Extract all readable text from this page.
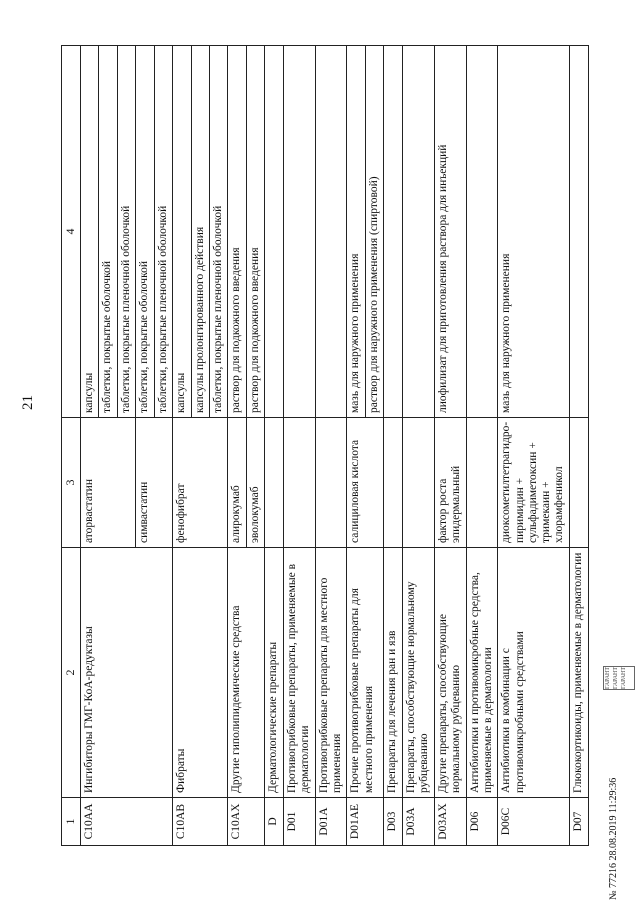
21
1	2	3	4
C10AA	Ингибиторы ГМГ-КоА-редуктазы	аторвастатин	капсулы
			таблетки, покрытые оболочкой
			таблетки, покрытые пленочной оболочкой
		симвастатин	таблетки, покрытые оболочкой
			таблетки, покрытые пленочной оболочкой
C10AB	Фибраты	фенофибрат	капсулы
			капсулы пролонгированного действия
			таблетки, покрытые пленочной оболочкой
C10AX	Другие гиполипидемические средства	алирокумаб	раствор для подкожного введения
		эволокумаб	раствор для подкожного введения
D	Дерматологические препараты		
D01	Противогрибковые препараты, применяемые в дерматологии		
D01A	Противогрибковые препараты для местного применения		
D01AE	Прочие противогрибковые препараты для местного применения	салициловая кислота	мазь для наружного применения
			раствор для наружного применения (спиртовой)
D03	Препараты для лечения ран и язв		
D03A	Препараты, способствующие нормальному рубцеванию		
D03AX	Другие препараты, способствующие нормальному рубцеванию	фактор роста эпидермальный	лиофилизат для приготовления раствора для инъекций
D06	Антибиотики и противомикробные средства, применяемые в дерматологии		
D06C	Антибиотики в комбинации с противомикробными средствами	диоксометилтетрагидро-пиримидин + сульфадиметоксин + тримекаин + хлорамфеникол	мазь для наружного применения
D07	Глюкокортикоиды, применяемые в дерматологии			ГАРАНТ ГАРАНТ ГАРАНТ
№ 77216 28.08.2019 11:29:36
